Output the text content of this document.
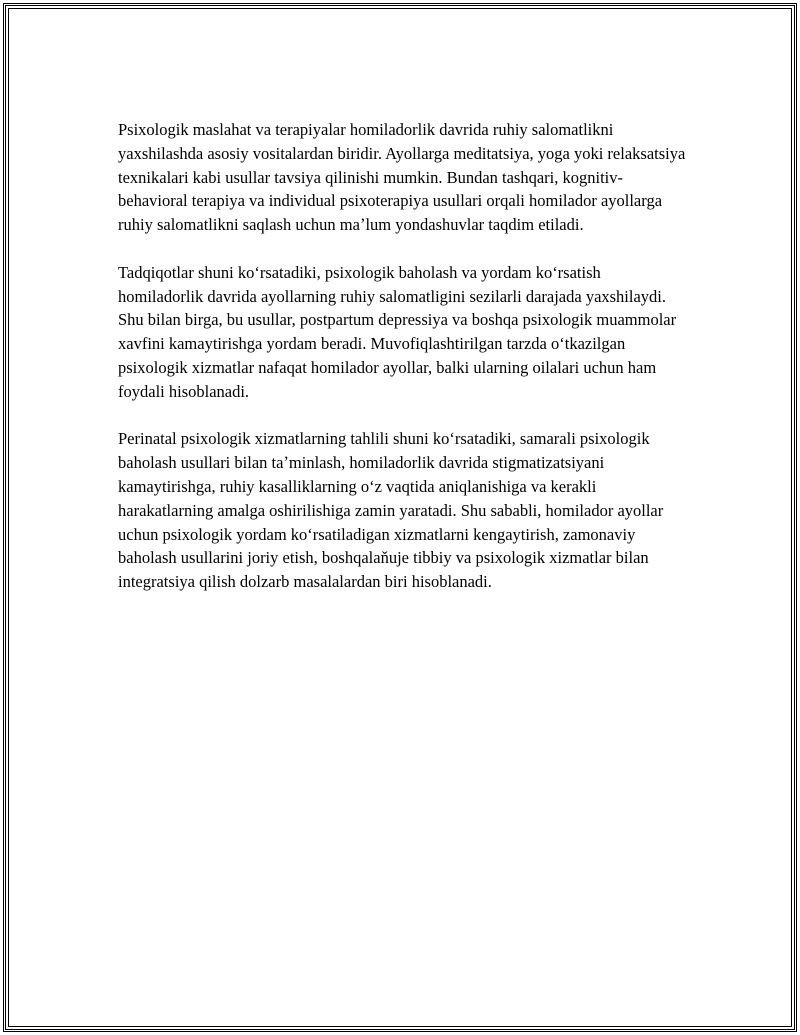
Psixologik maslahat va terapiyalar homiladorlik davrida ruhiy salomatlikni yaxshilashda asosiy vositalardan biridir. Ayollarga meditatsiya, yoga yoki relaksatsiya texnikalari kabi usullar tavsiya qilinishi mumkin. Bundan tashqari, kognitiv-behavioral terapiya va individual psixoterapiya usullari orqali homilador ayollarga ruhiy salomatlikni saqlash uchun maʼlum yondashuvlar taqdim etiladi.

Tadqiqotlar shuni koʻrsatadiki, psixologik baholash va yordam koʻrsatish homiladorlik davrida ayollarning ruhiy salomatligini sezilarli darajada yaxshilaydi. Shu bilan birga, bu usullar, postpartum depressiya va boshqa psixologik muammolar xavfini kamaytirishga yordam beradi. Muvofiqlashtirilgan tarzda oʻtkazilgan psixologik xizmatlar nafaqat homilador ayollar, balki ularning oilalari uchun ham foydali hisoblanadi.

Perinatal psixologik xizmatlarning tahlili shuni koʻrsatadiki, samarali psixologik baholash usullari bilan taʼminlash, homiladorlik davrida stigmatizatsiyani kamaytirishga, ruhiy kasalliklarning oʻz vaqtida aniqlanishiga va kerakli harakatlarning amalga oshirilishiga zamin yaratadi. Shu sababli, homilador ayollar uchun psixologik yordam koʻrsatiladigan xizmatlarni kengaytirish, zamonaviy baholash usullarini joriy etish, boshqalaňuje tibbiy va psixologik xizmatlar bilan integratsiya qilish dolzarb masalalardan biri hisoblanadi.
